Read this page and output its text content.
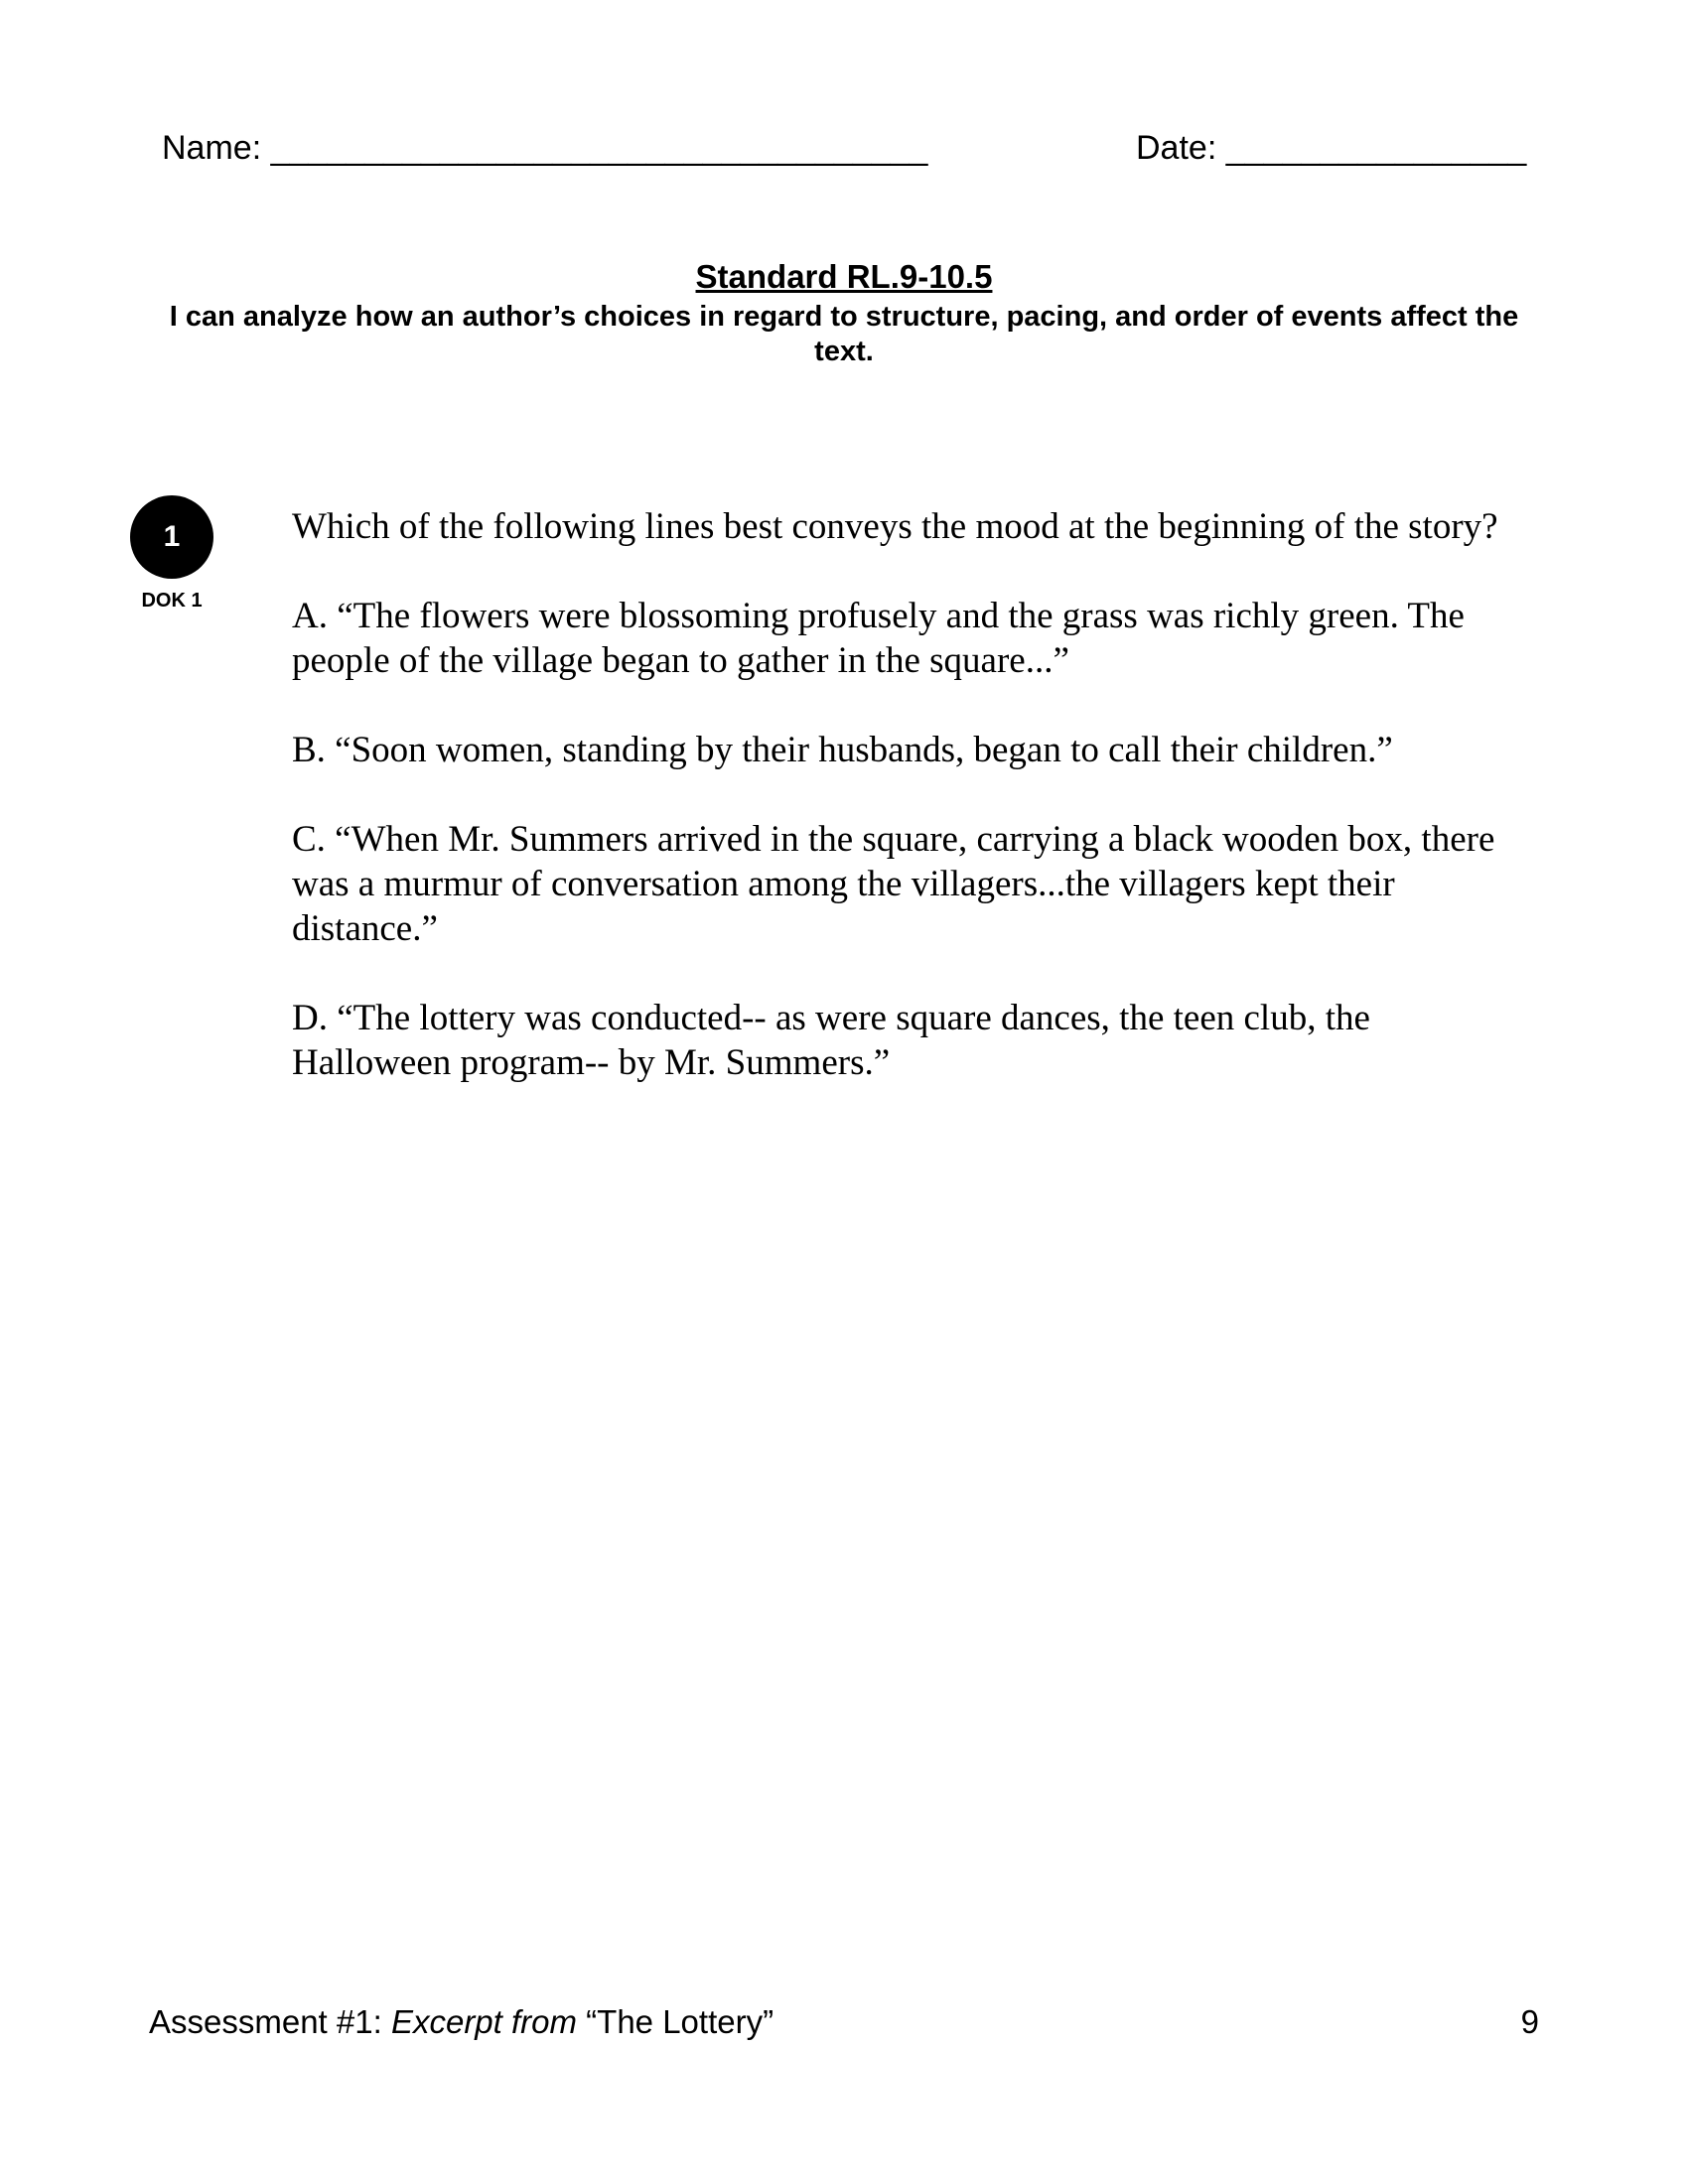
Name: ___________________________________	Date: ________________
Standard RL.9-10.5
I can analyze how an author’s choices in regard to structure, pacing, and order of events affect the text.
1
DOK 1

Which of the following lines best conveys the mood at the beginning of the story?

A. “The flowers were blossoming profusely and the grass was richly green. The people of the village began to gather in the square...”

B. “Soon women, standing by their husbands, began to call their children.”

C. “When Mr. Summers arrived in the square, carrying a black wooden box, there was a murmur of conversation among the villagers...the villagers kept their distance.”

D. “The lottery was conducted-- as were square dances, the teen club, the Halloween program-- by Mr. Summers.”

Assessment #1: Excerpt from “The Lottery”	9
